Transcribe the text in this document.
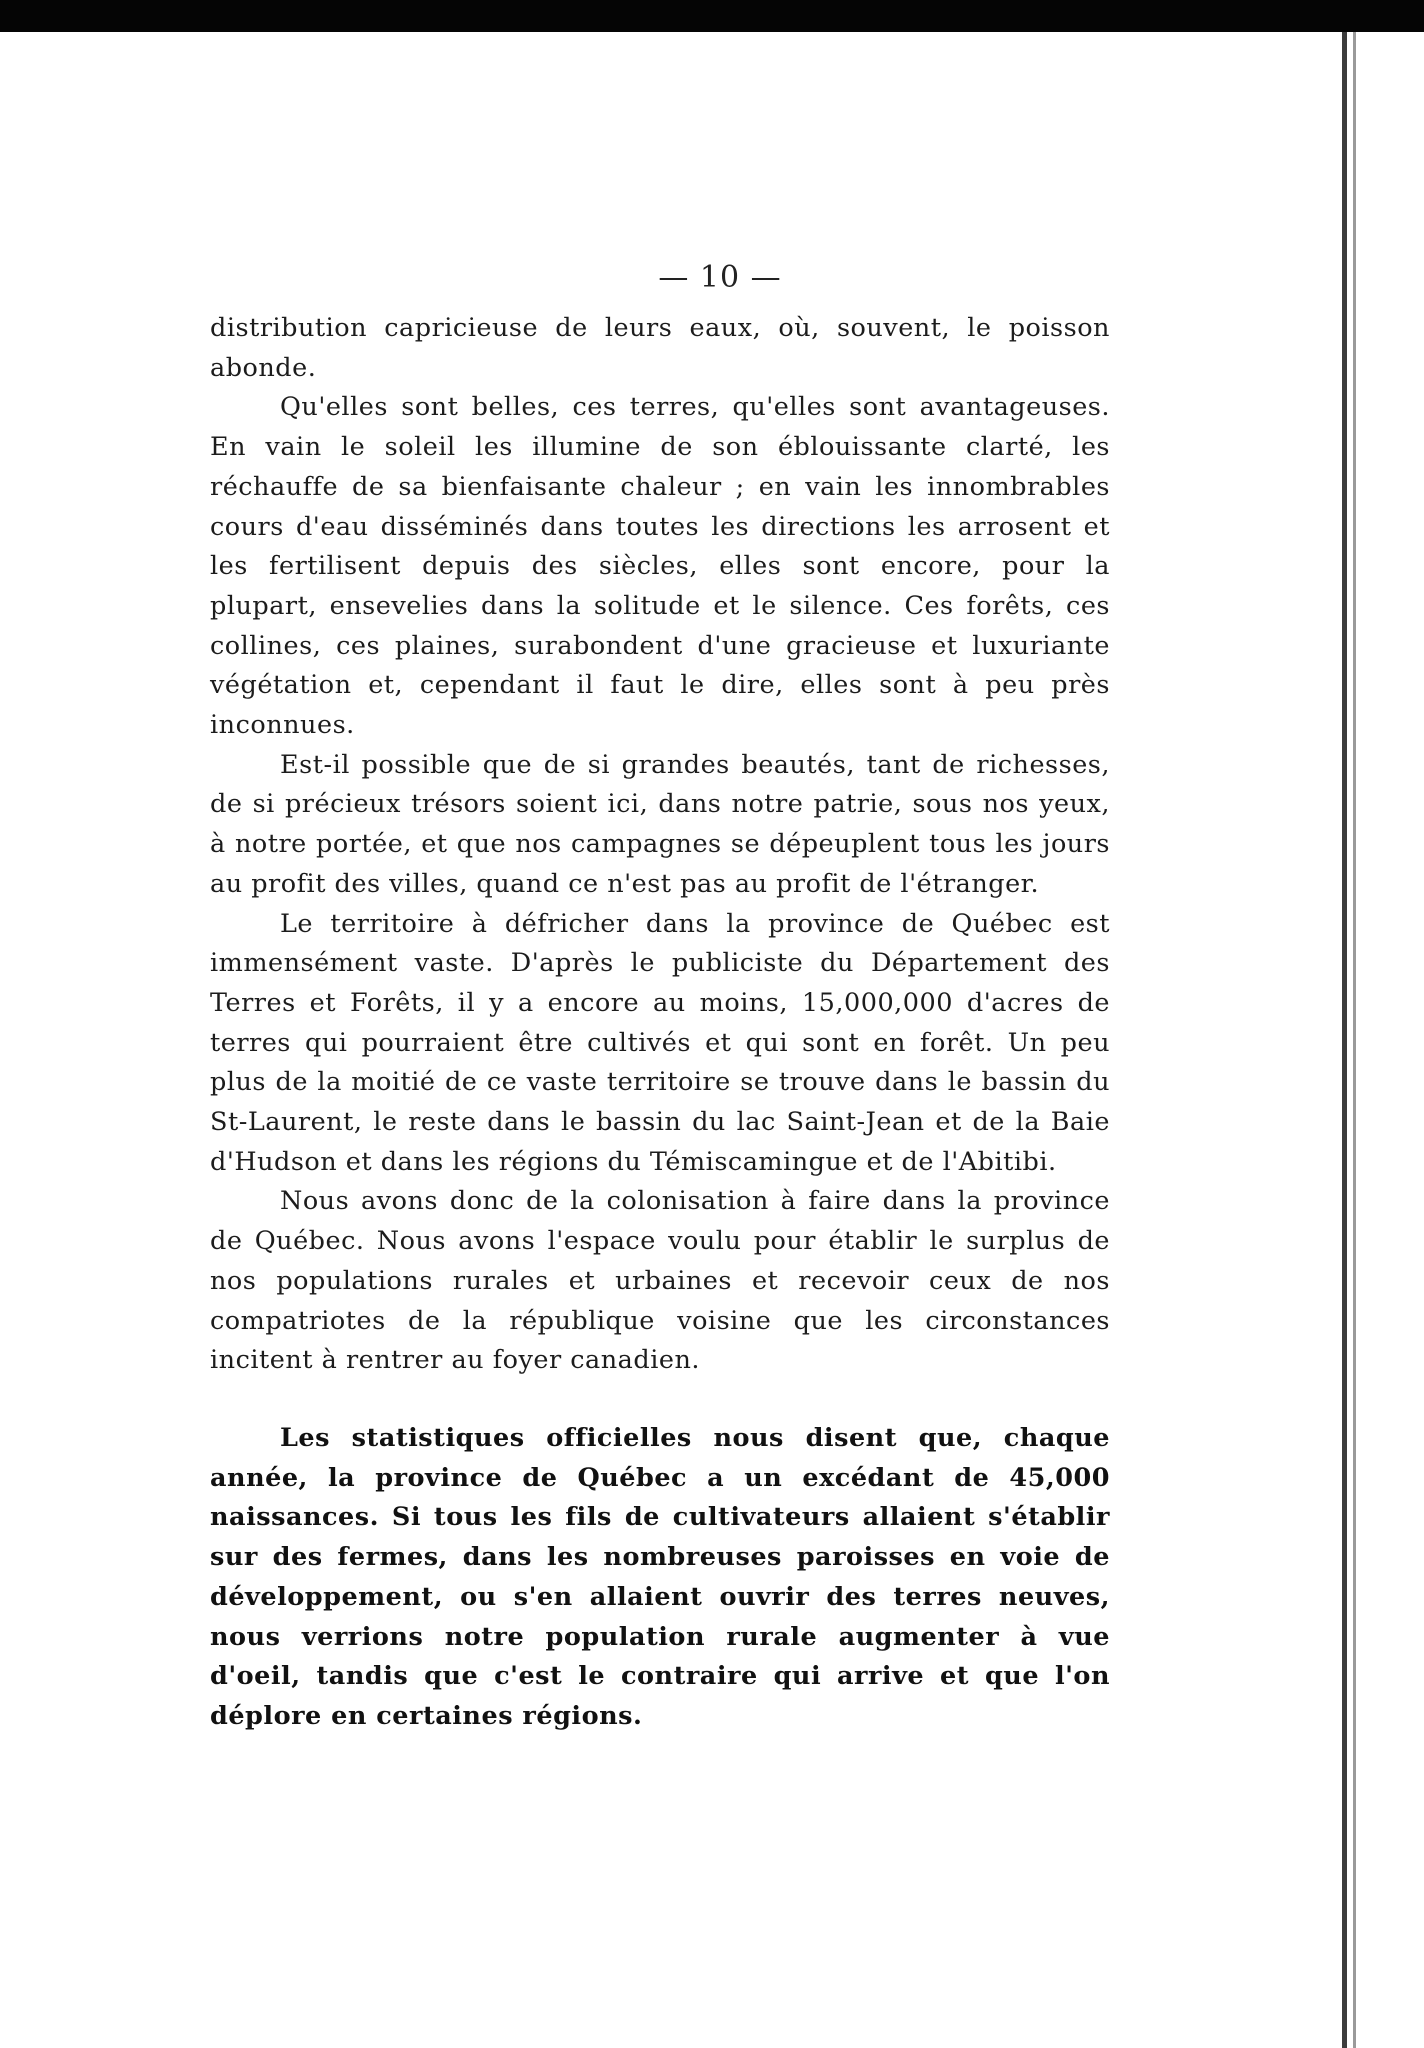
— 10 —

distribution capricieuse de leurs eaux, où, souvent, le poisson abonde.

Qu'elles sont belles, ces terres, qu'elles sont avantageuses. En vain le soleil les illumine de son éblouissante clarté, les réchauffe de sa bienfaisante chaleur ; en vain les innombrables cours d'eau disséminés dans toutes les directions les arrosent et les fertilisent depuis des siècles, elles sont encore, pour la plupart, ensevelies dans la solitude et le silence. Ces forêts, ces collines, ces plaines, surabondent d'une gracieuse et luxuriante végétation et, cependant il faut le dire, elles sont à peu près inconnues.

Est-il possible que de si grandes beautés, tant de richesses, de si précieux trésors soient ici, dans notre patrie, sous nos yeux, à notre portée, et que nos campagnes se dépeuplent tous les jours au profit des villes, quand ce n'est pas au profit de l'étranger.

Le territoire à défricher dans la province de Québec est immensément vaste. D'après le publiciste du Département des Terres et Forêts, il y a encore au moins, 15,000,000 d'acres de terres qui pourraient être cultivés et qui sont en forêt. Un peu plus de la moitié de ce vaste territoire se trouve dans le bassin du St-Laurent, le reste dans le bassin du lac Saint-Jean et de la Baie d'Hudson et dans les régions du Témiscamingue et de l'Abitibi.

Nous avons donc de la colonisation à faire dans la province de Québec. Nous avons l'espace voulu pour établir le surplus de nos populations rurales et urbaines et recevoir ceux de nos compatriotes de la république voisine que les circonstances incitent à rentrer au foyer canadien.

Les statistiques officielles nous disent que, chaque année, la province de Québec a un excédant de 45,000 naissances. Si tous les fils de cultivateurs allaient s'établir sur des fermes, dans les nombreuses paroisses en voie de développement, ou s'en allaient ouvrir des terres neuves, nous verrions notre population rurale augmenter à vue d'oeil, tandis que c'est le contraire qui arrive et que l'on déplore en certaines régions.
